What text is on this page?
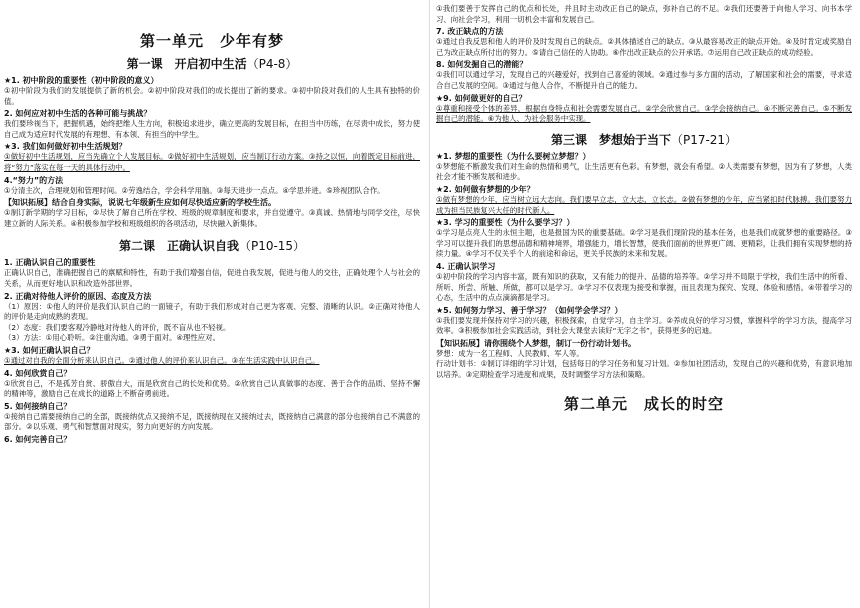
第一单元　少年有梦
第一课　开启初中生活（P4-8）
★1. 初中阶段的重要性（初中阶段的意义）

①初中阶段为我们的发展提供了新的机会。②初中阶段对我们的成长提出了新的要求。③初中阶段对我们的人生具有独特的价值。

2. 如何应对初中生活的各种可能与挑战？

我们要珍视当下，把握机遇，始终把维人生方向，积极追求进步，确立更高的发展目标，在担当中历练，在尽责中成长，努力使自己成为适应时代发展的有理想、有本领、有担当的中学生。

★3. 我们如何做好初中生活规划？

①做好初中生活规划，应当先确立个人发展目标。②做好初中生活规划，应当制订行动方案。③持之以恒，向着既定目标前进，将“努力”落实在每一天的具体行动中。

4.“努力”的方法

①分清主次，合理规划和管理时间。②劳逸结合，学会科学用脑。③每天进步一点点。④学思并进。⑤珍视团队合作。

【知识拓展】结合自身实际，说说七年级新生应如何尽快适应新的学校生活。

①制订新学期的学习目标，②尽快了解自己所在学校、班级的规章制度和要求，并自觉遵守。③真诚、热情地与同学交往，尽快建立新的人际关系。④积极参加学校和班级组织的各项活动，尽快融入新集体。

第二课　正确认识自我（P10-15）
1. 正确认识自己的重要性

正确认识自己，准确把握自己的禀赋和特性，有助于我们增强自信，促进自我发展，促进与他人的交往，正确处理个人与社会的关系，从而更好地认识和改造外部世界。

2. 正确对待他人评价的原因、态度及方法

（1）原因：①他人的评价是我们认识自己的一面镜子，有助于我们形成对自己更为客观、完整、清晰的认识。②正确对待他人的评价是走向成熟的表现。

（2）态度：我们要客观冷静地对待他人的评价，既不盲从也不轻视。

（3）方法：①用心聆听。②注重沟通。③勇于面对。④理性应对。

★3. 如何正确认识自己？

①通过对自我的全面分析来认识自己。②通过他人的评价来认识自己。③在生活实践中认识自己。

4. 如何欣赏自己？

①欣赏自己，不是孤芳自赏、骄傲自大，而是欣赏自己的长处和优势。②欣赏自己认真做事的态度、善于合作的品质、坚持不懈的精神等，激励自己在成长的道路上不断奋勇前进。

5. 如何接纳自己？

①接纳自己需要接纳自己的全部，既接纳优点又接纳不足，既接纳现在又接纳过去，既接纳自己满意的部分也接纳自己不满意的部分。②以乐观、勇气和智慧面对现实，努力向更好的方向发展。

6. 如何完善自己？

①我们要善于发挥自己的优点和长处，并且时主动改正自己的缺点，弥补自己的不足。②我们还要善于向他人学习、向书本学习、向社会学习，利用一切机会丰富和发展自己。

7. 改正缺点的方法

①通过自我反思和他人的评价及时发现自己的缺点。②具体描述自己的缺点。③从最容易改正的缺点开始。④及时肯定或奖励自己为改正缺点所付出的努力。⑤请自己信任的人协助。⑥作出改正缺点的公开承诺。⑦运用自己改正缺点的成功经验。

8. 如何发掘自己的潜能？

①我们可以通过学习，发现自己的兴趣爱好，找到自己喜爱的领域。②通过参与多方面的活动，了解国家和社会的需要，寻求适合自己发展的空间。③通过与他人合作，不断提升自己的能力。

★9. 如何做更好的自己？

①尊重和接受个体的差异，根据自身特点和社会需要发展自己。②学会欣赏自己。③学会接纳自己。④不断完善自己。⑤不断发掘自己的潜能。⑥为他人、为社会服务中实现。

第三课　梦想始于当下（P17-21）
★1. 梦想的重要性（为什么要树立梦想？）

①梦想能不断激发我们对生命的热情和勇气，让生活更有色彩。有梦想，就会有希望。②人类需要有梦想，因为有了梦想，人类社会才能不断发展和进步。

★2. 如何做有梦想的少年？

①做有梦想的少年，应当树立远大志向。我们要早立志，立大志，立长志。②做有梦想的少年，应当紧扣时代脉搏。我们要努力成为担当民族复兴大任的时代新人。

★3. 学习的重要性（为什么要学习？）

①学习是点亮人生的永恒主题，也是报国为民的重要基础。②学习是我们现阶段的基本任务，也是我们成就梦想的重要路径。③学习可以提升我们的思想品德和精神境界，增强能力，增长智慧，使我们面前的世界更广阔、更精彩，让我们拥有实现梦想的持续力量。④学习不仅关乎个人的前途和命运，更关乎民族的未来和发展。

4. 正确认识学习

①初中阶段的学习内容丰富，既有知识的获取，又有能力的提升、品德的培养等。②学习并不局限于学校，我们生活中的所看、所听、所尝、所触、所做，都可以是学习。③学习不仅表现为接受和掌握，而且表现为探究、发现、体验和感悟。④带着学习的心态，生活中的点点滴滴都是学习。

★5. 如何努力学习、善于学习？（如何学会学习？）

①我们要发现并保持对学习的兴趣，积极探索，自觉学习，自主学习。②养成良好的学习习惯，掌握科学的学习方法，提高学习效率。③积极参加社会实践活动，到社会大课堂去读好“无字之书”，获得更多的启迪。

【知识拓展】请你围绕个人梦想，制订一份行动计划书。

梦想：成为一名工程师、人民教师、军人等。

行动计划书：①制订详细的学习计划，包括每日的学习任务和复习计划。②参加社团活动，发现自己的兴趣和优势，有意识地加以培养。③定期检查学习进度和成果，及时调整学习方法和策略。

第二单元　成长的时空
